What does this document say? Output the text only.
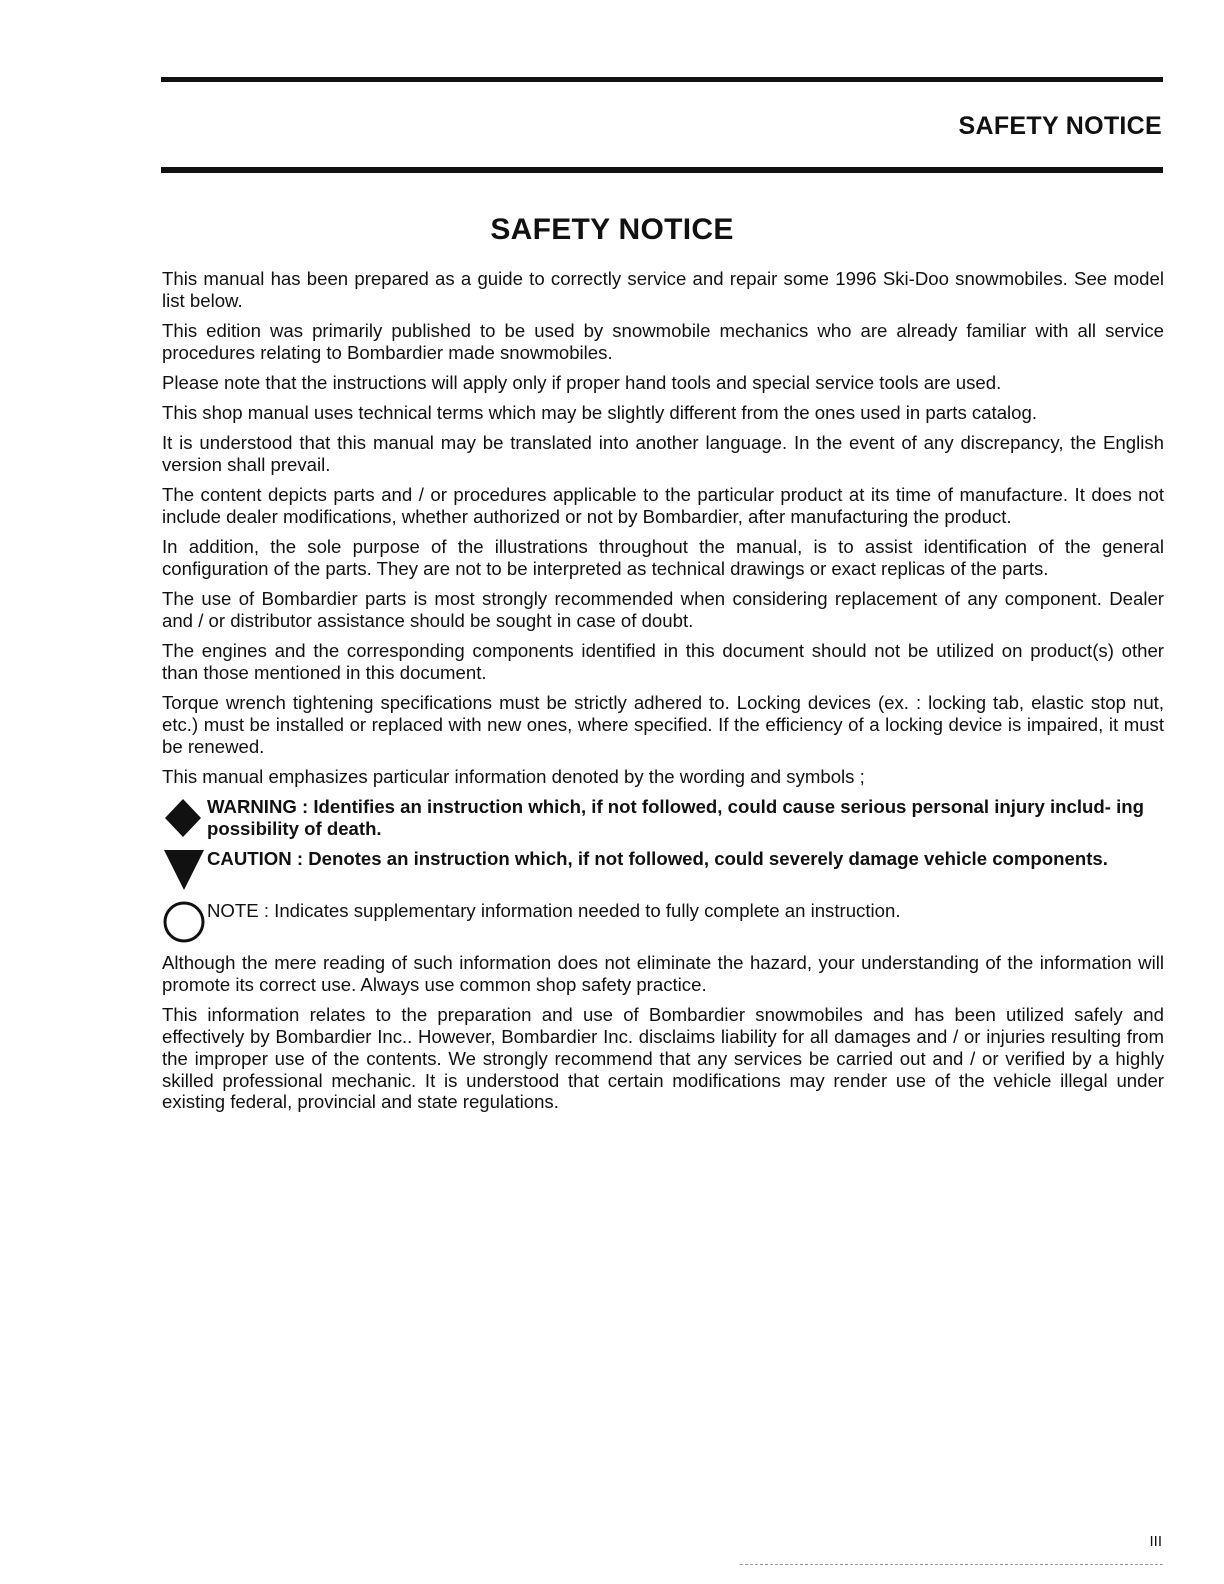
SAFETY NOTICE
SAFETY NOTICE

This manual has been prepared as a guide to correctly service and repair some 1996 Ski-Doo snowmobiles. See model list below.

This edition was primarily published to be used by snowmobile mechanics who are already familiar with all service procedures relating to Bombardier made snowmobiles.

Please note that the instructions will apply only if proper hand tools and special service tools are used.

This shop manual uses technical terms which may be slightly different from the ones used in parts catalog.

It is understood that this manual may be translated into another language. In the event of any discrepancy, the English version shall prevail.

The content depicts parts and / or procedures applicable to the particular product at its time of manufacture. It does not include dealer modifications, whether authorized or not by Bombardier, after manufacturing the product.

In addition, the sole purpose of the illustrations throughout the manual, is to assist identification of the general configuration of the parts. They are not to be interpreted as technical drawings or exact replicas of the parts.

The use of Bombardier parts is most strongly recommended when considering replacement of any component. Dealer and / or distributor assistance should be sought in case of doubt.

The engines and the corresponding components identified in this document should not be utilized on product(s) other than those mentioned in this document.

Torque wrench tightening specifications must be strictly adhered to. Locking devices (ex. : locking tab, elastic stop nut, etc.) must be installed or replaced with new ones, where specified. If the efficiency of a locking device is impaired, it must be renewed.

This manual emphasizes particular information denoted by the wording and symbols ;

WARNING : Identifies an instruction which, if not followed, could cause serious personal injury includ- ing possibility of death.
CAUTION : Denotes an instruction which, if not followed, could severely damage vehicle components.
NOTE : Indicates supplementary information needed to fully complete an instruction.

Although the mere reading of such information does not eliminate the hazard, your understanding of the information will promote its correct use. Always use common shop safety practice.

This information relates to the preparation and use of Bombardier snowmobiles and has been utilized safely and effectively by Bombardier Inc.. However, Bombardier Inc. disclaims liability for all damages and / or injuries resulting from the improper use of the contents. We strongly recommend that any services be carried out and / or verified by a highly skilled professional mechanic. It is understood that certain modifications may render use of the vehicle illegal under existing federal, provincial and state regulations.

III
